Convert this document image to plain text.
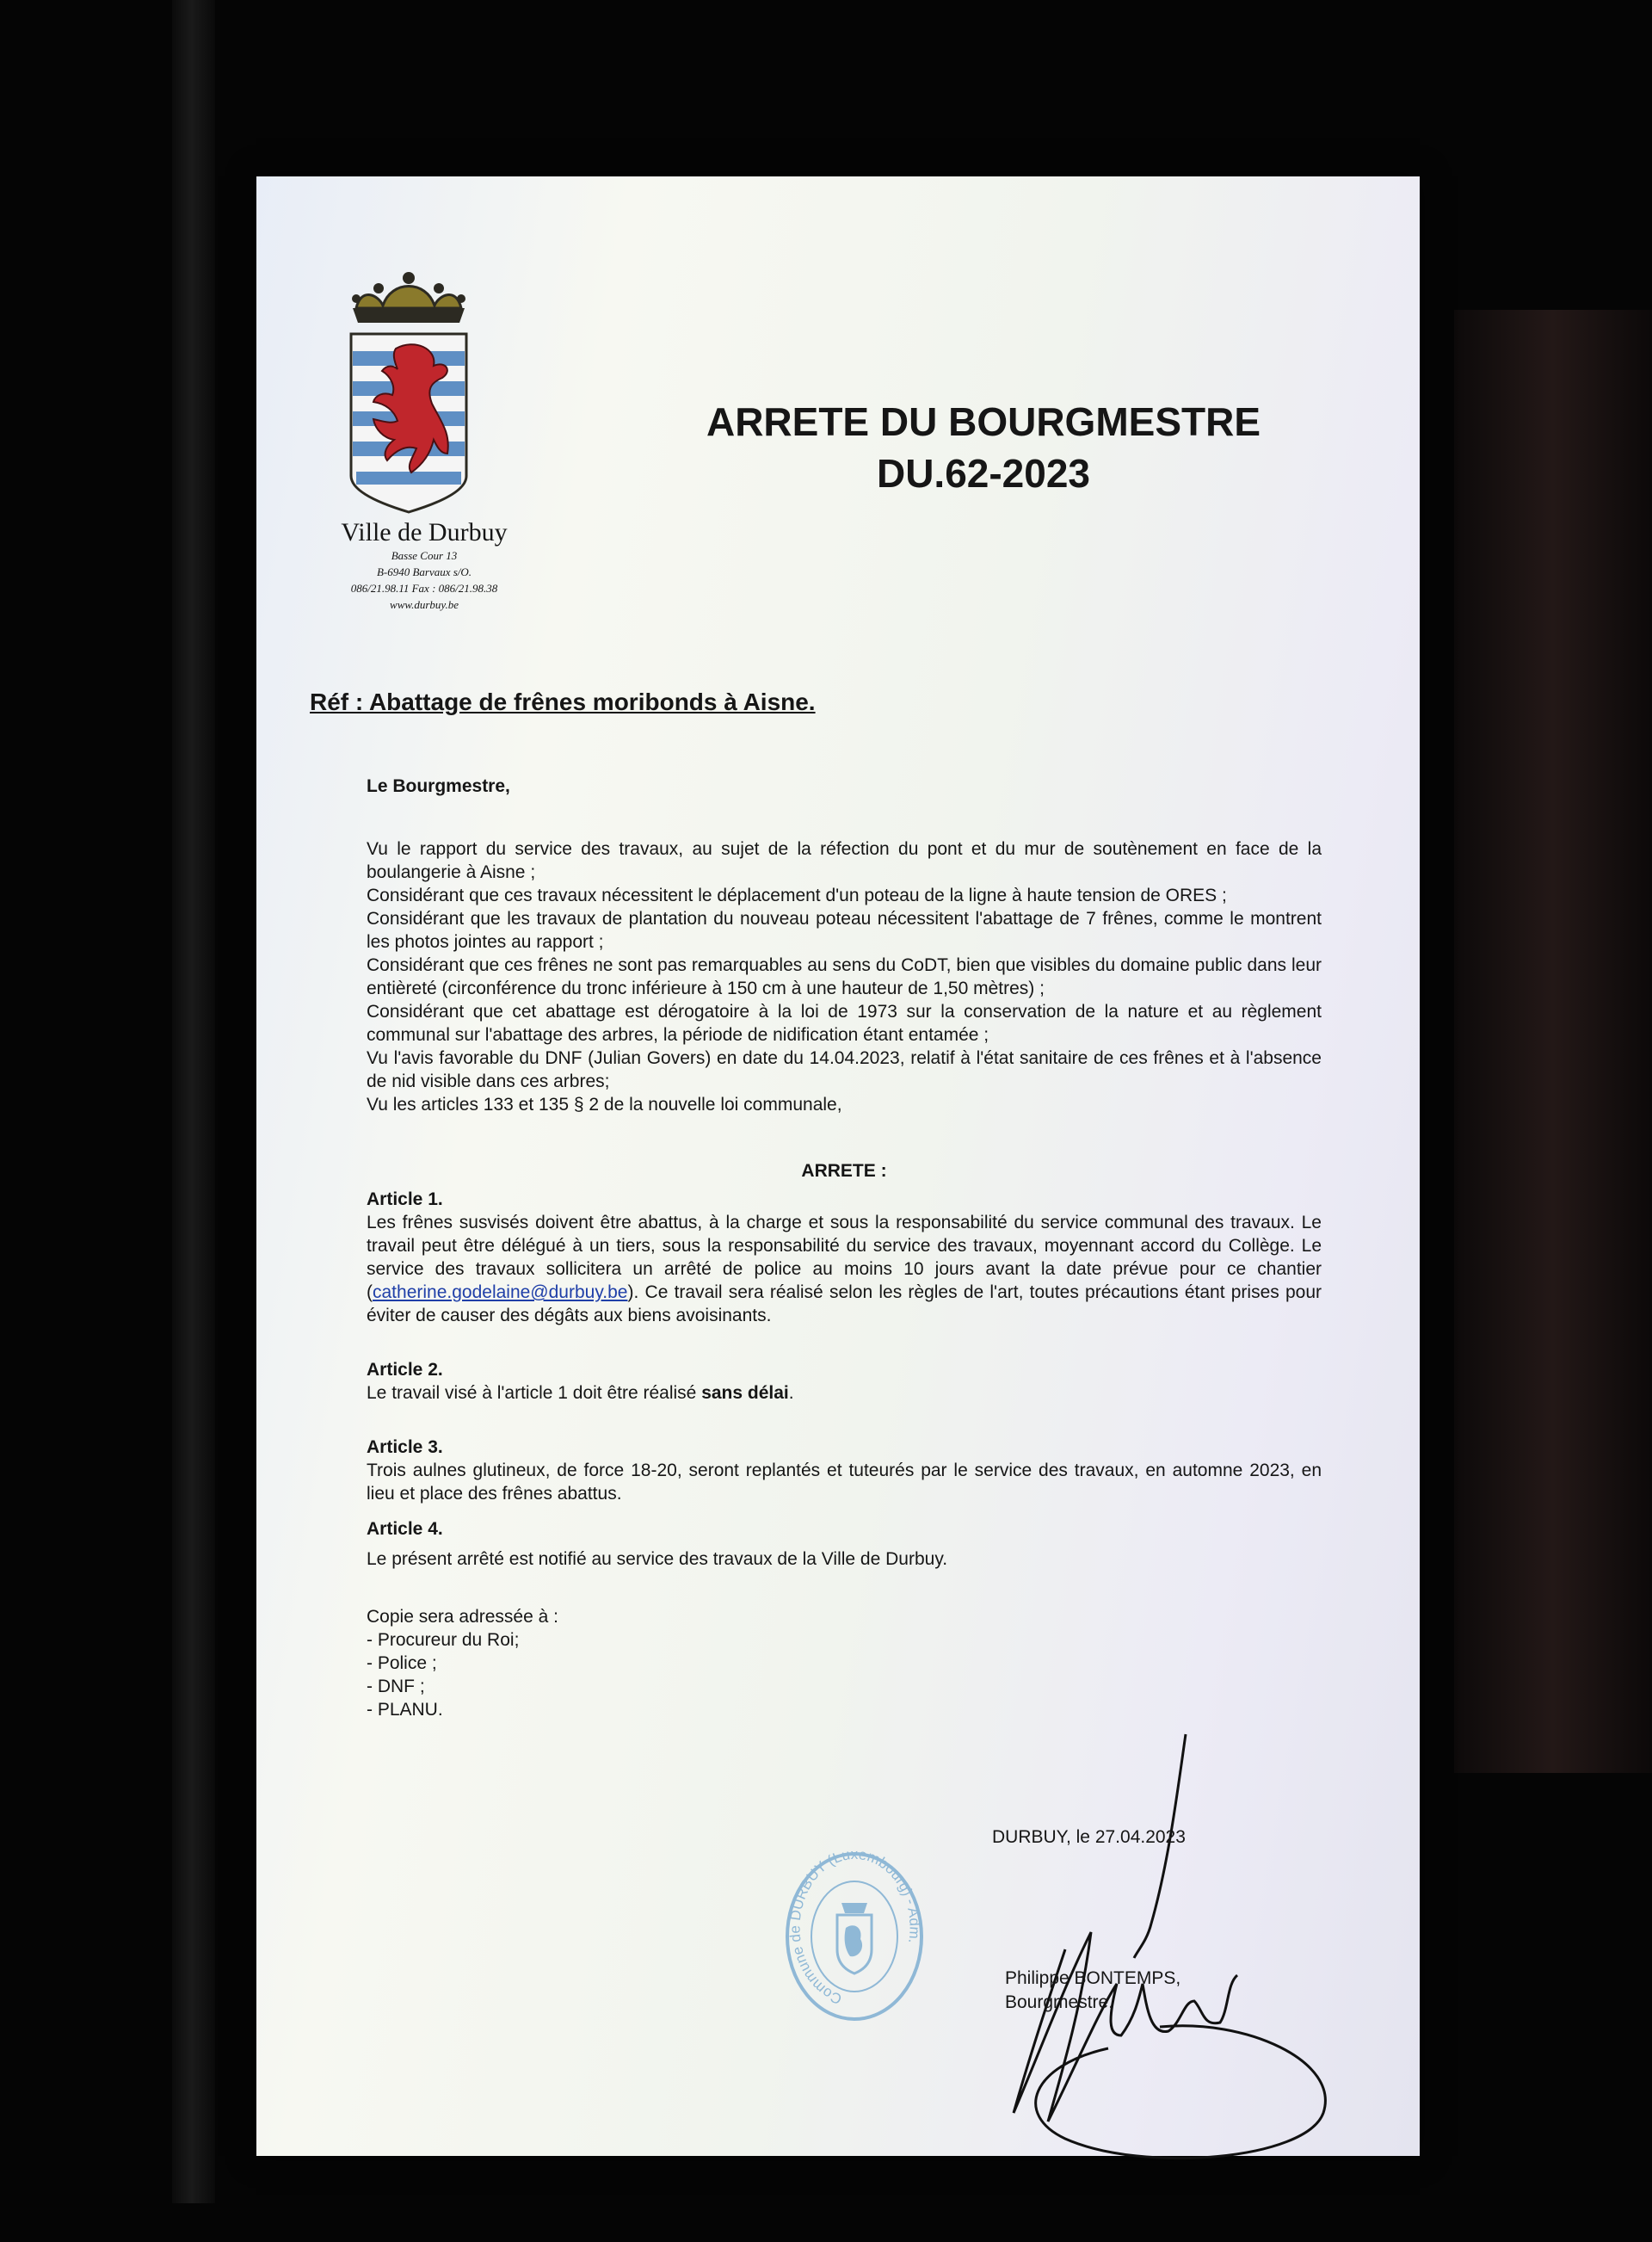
Ville de Durbuy
Basse Cour 13
B-6940 Barvaux s/O.
086/21.98.11 Fax : 086/21.98.38
www.durbuy.be
ARRETE DU BOURGMESTRE
DU.62-2023
Réf : Abattage de frênes moribonds à Aisne.

Le Bourgmestre,

Vu le rapport du service des travaux, au sujet de la réfection du pont et du mur de soutènement en face de la boulangerie à Aisne ;

Considérant que ces travaux nécessitent le déplacement d'un poteau de la ligne à haute tension de ORES ;

Considérant que les travaux de plantation du nouveau poteau nécessitent l'abattage de 7 frênes, comme le montrent les photos jointes au rapport ;

Considérant que ces frênes ne sont pas remarquables au sens du CoDT, bien que visibles du domaine public dans leur entièreté (circonférence du tronc inférieure à 150 cm à une hauteur de 1,50 mètres) ;

Considérant que cet abattage est dérogatoire à la loi de 1973 sur la conservation de la nature et au règlement communal sur l'abattage des arbres, la période de nidification étant entamée ;

Vu l'avis favorable du DNF (Julian Govers) en date du 14.04.2023, relatif à l'état sanitaire de ces frênes et à l'absence de nid visible dans ces arbres;

Vu les articles 133 et 135 § 2 de la nouvelle loi communale,

ARRETE :

Article 1.

Les frênes susvisés doivent être abattus, à la charge et sous la responsabilité du service communal des travaux. Le travail peut être délégué à un tiers, sous la responsabilité du service des travaux, moyennant accord du Collège. Le service des travaux sollicitera un arrêté de police au moins 10 jours avant la date prévue pour ce chantier (catherine.godelaine@durbuy.be). Ce travail sera réalisé selon les règles de l'art, toutes précautions étant prises pour éviter de causer des dégâts aux biens avoisinants.

Article 2.

Le travail visé à l'article 1 doit être réalisé sans délai.

Article 3.

Trois aulnes glutineux, de force 18-20, seront replantés et tuteurés par le service des travaux, en automne 2023, en lieu et place des frênes abattus.

Article 4.

Le présent arrêté est notifié au service des travaux de la Ville de Durbuy.

Copie sera adressée à :

- Procureur du Roi;

- Police ;

- DNF ;

- PLANU.

Commune de DURBUY (Luxembourg) - Adm.
DURBUY, le 27.04.2023
Philippe BONTEMPS,
Bourgmestre.
